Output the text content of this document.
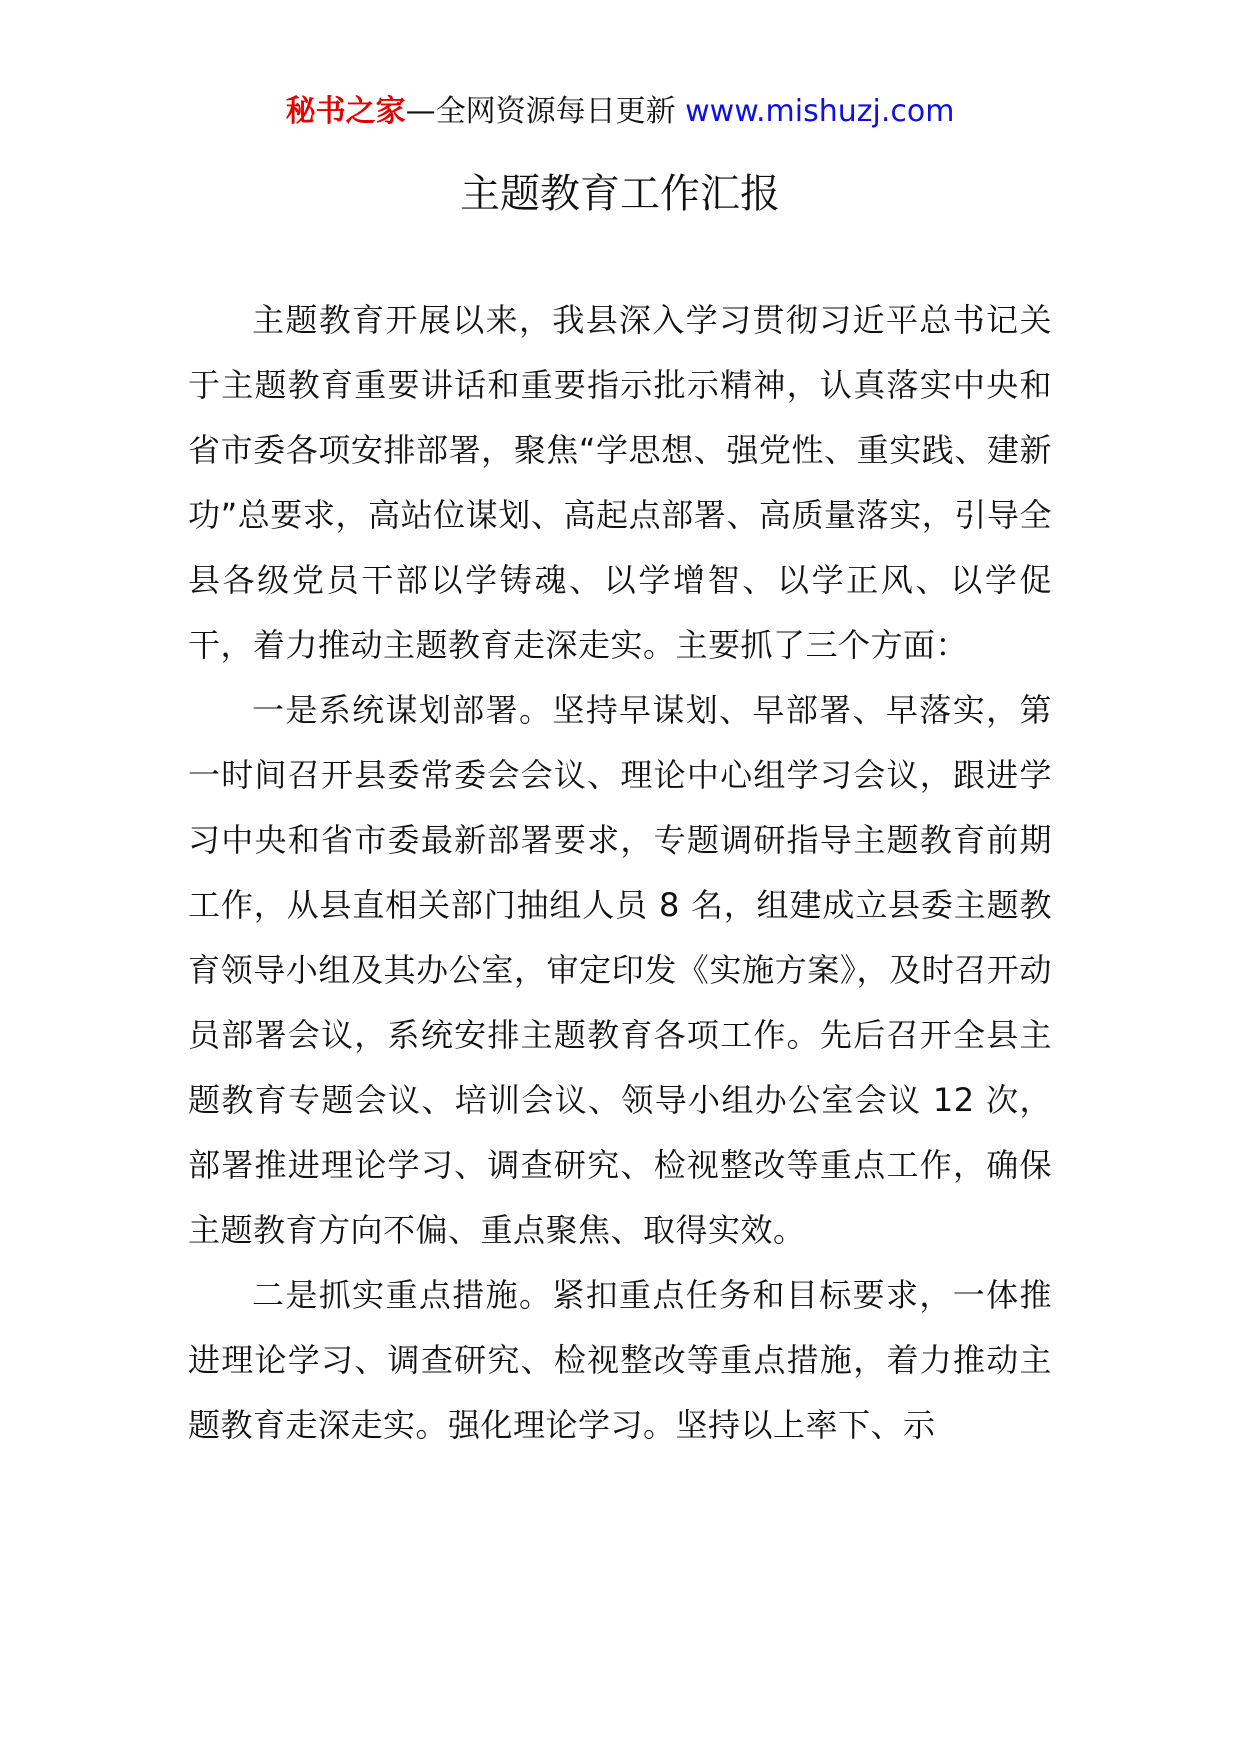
秘书之家—全网资源每日更新 www.mishuzj.com
主题教育工作汇报

主题教育开展以来，我县深入学习贯彻习近平总书记关于主题教育重要讲话和重要指示批示精神，认真落实中央和省市委各项安排部署，聚焦“学思想、强党性、重实践、建新功”总要求，高站位谋划、高起点部署、高质量落实，引导全县各级党员干部以学铸魂、以学增智、以学正风、以学促干，着力推动主题教育走深走实。主要抓了三个方面：

一是系统谋划部署。坚持早谋划、早部署、早落实，第一时间召开县委常委会会议、理论中心组学习会议，跟进学习中央和省市委最新部署要求，专题调研指导主题教育前期工作，从县直相关部门抽组人员 8 名，组建成立县委主题教育领导小组及其办公室，审定印发《实施方案》，及时召开动员部署会议，系统安排主题教育各项工作。先后召开全县主题教育专题会议、培训会议、领导小组办公室会议 12 次，部署推进理论学习、调查研究、检视整改等重点工作，确保主题教育方向不偏、重点聚焦、取得实效。

二是抓实重点措施。紧扣重点任务和目标要求，一体推进理论学习、调查研究、检视整改等重点措施，着力推动主题教育走深走实。强化理论学习。坚持以上率下、示
